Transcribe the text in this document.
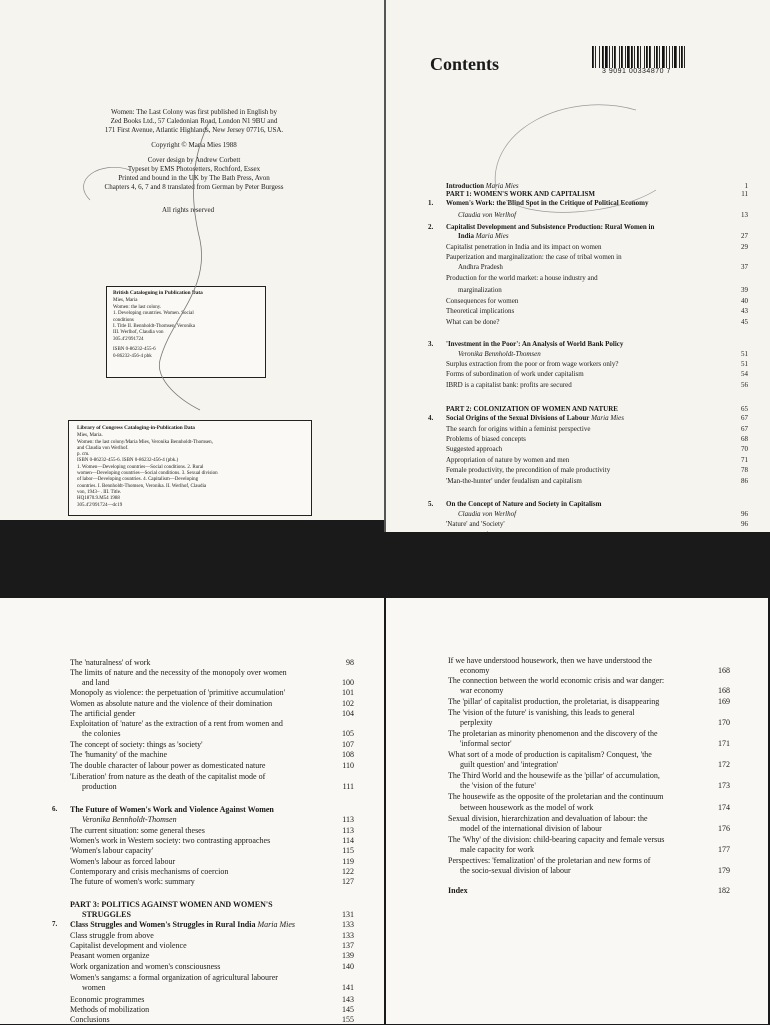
Women: The Last Colony was first published in English by
Zed Books Ltd., 57 Caledonian Road, London N1 9BU and
171 First Avenue, Atlantic Highlands, New Jersey 07716, USA.
Copyright © Maria Mies 1988
Cover design by Andrew Corbett
Typeset by EMS Photosetters, Rochford, Essex
Printed and bound in the UK by The Bath Press, Avon
Chapters 4, 6, 7 and 8 translated from German by Peter Burgess
All rights reserved
British Cataloguing in Publication Data
Mies, Maria
Women: the last colony.
1. Developing countries. Women. Social
conditions
I. Title II. Bennholdt-Thomsen, Veronika
III. Werlhof, Claudia von
305.4'2'091724
ISBN 0-86232-455-6
0-86232-456-4 pbk
Library of Congress Cataloging-in-Publication Data
Mies, Maria.
Women: the last colony/Maria Mies, Veronika Bennholdt-Thomsen,
and Claudia von Werlhof.
p. cm.
ISBN 0-86232-455-6. ISBN 0-86232-456-4 (pbk.)
1. Women—Developing countries—Social conditions. 2. Rural
women—Developing countries—Social conditions. 3. Sexual division
of labor—Developing countries. 4. Capitalism—Developing
countries. I. Bennholdt-Thomsen, Veronika. II. Werlhof, Claudia
von, 1943– . III. Title.
HQ1870.9.M54 1988
305.4'2'091724—dc19
Contents	3 9091 00334870 7
Introduction Maria Mies	1
PART 1: WOMEN'S WORK AND CAPITALISM	11
1. Women's Work: the Blind Spot in the Critique of Political Economy
Claudia von Werlhof	13
2. Capitalist Development and Subsistence Production: Rural Women in
India Maria Mies	27
Capitalist penetration in India and its impact on women	29
Pauperization and marginalization: the case of tribal women in
Andhra Pradesh	37
Production for the world market: a house industry and
marginalization	39
Consequences for women	40
Theoretical implications	43
What can be done?	45
3. 'Investment in the Poor': An Analysis of World Bank Policy
Veronika Bennholdt-Thomsen	51
Surplus extraction from the poor or from wage workers only?	51
Forms of subordination of work under capitalism	54
IBRD is a capitalist bank: profits are secured	56
PART 2: COLONIZATION OF WOMEN AND NATURE	65
4. Social Origins of the Sexual Divisions of Labour Maria Mies	67
The search for origins within a feminist perspective	67
Problems of biased concepts	68
Suggested approach	70
Appropriation of nature by women and men	71
Female productivity, the precondition of male productivity	78
'Man-the-hunter' under feudalism and capitalism	86
5. On the Concept of Nature and Society in Capitalism
Claudia von Werlhof	96
'Nature' and 'Society'	96
The concept of nature: people as 'nature'	97
The 'naturalness' of work	98
The limits of nature and the necessity of the monopoly over women
and land	100
Monopoly as violence: the perpetuation of 'primitive accumulation'	101
Women as absolute nature and the violence of their domination	102
The artificial gender	104
Exploitation of 'nature' as the extraction of a rent from women and
the colonies	105
The concept of society: things as 'society'	107
The 'humanity' of the machine	108
The double character of labour power as domesticated nature	110
'Liberation' from nature as the death of the capitalist mode of
production	111
6. The Future of Women's Work and Violence Against Women
Veronika Bennholdt-Thomsen	113
The current situation: some general theses	113
Women's work in Western society: two contrasting approaches	114
'Women's labour capacity'	115
Women's labour as forced labour	119
Contemporary and crisis mechanisms of coercion	122
The future of women's work: summary	127
PART 3: POLITICS AGAINST WOMEN AND WOMEN'S
STRUGGLES	131
7. Class Struggles and Women's Struggles in Rural India Maria Mies	133
Class struggle from above	133
Capitalist development and violence	137
Peasant women organize	139
Work organization and women's consciousness	140
Women's sangams: a formal organization of agricultural labourer
women	141
Economic programmes	143
Methods of mobilization	145
Conclusions	155
If we have understood housework, then we have understood the
economy	168
The connection between the world economic crisis and war danger:
war economy	168
The 'pillar' of capitalist production, the proletariat, is disappearing	169
The 'vision of the future' is vanishing, this leads to general
perplexity	170
The proletarian as minority phenomenon and the discovery of the
'informal sector'	171
What sort of a mode of production is capitalism? Conquest, 'the
guilt question' and 'integration'	172
The Third World and the housewife as the 'pillar' of accumulation,
the 'vision of the future'	173
The housewife as the opposite of the proletarian and the continuum
between housework as the model of work	174
Sexual division, hierarchization and devaluation of labour: the
model of the international division of labour	176
The 'Why' of the division: child-bearing capacity and female versus
male capacity for work	177
Perspectives: 'femalization' of the proletarian and new forms of
the socio-sexual division of labour	179
Index	182
